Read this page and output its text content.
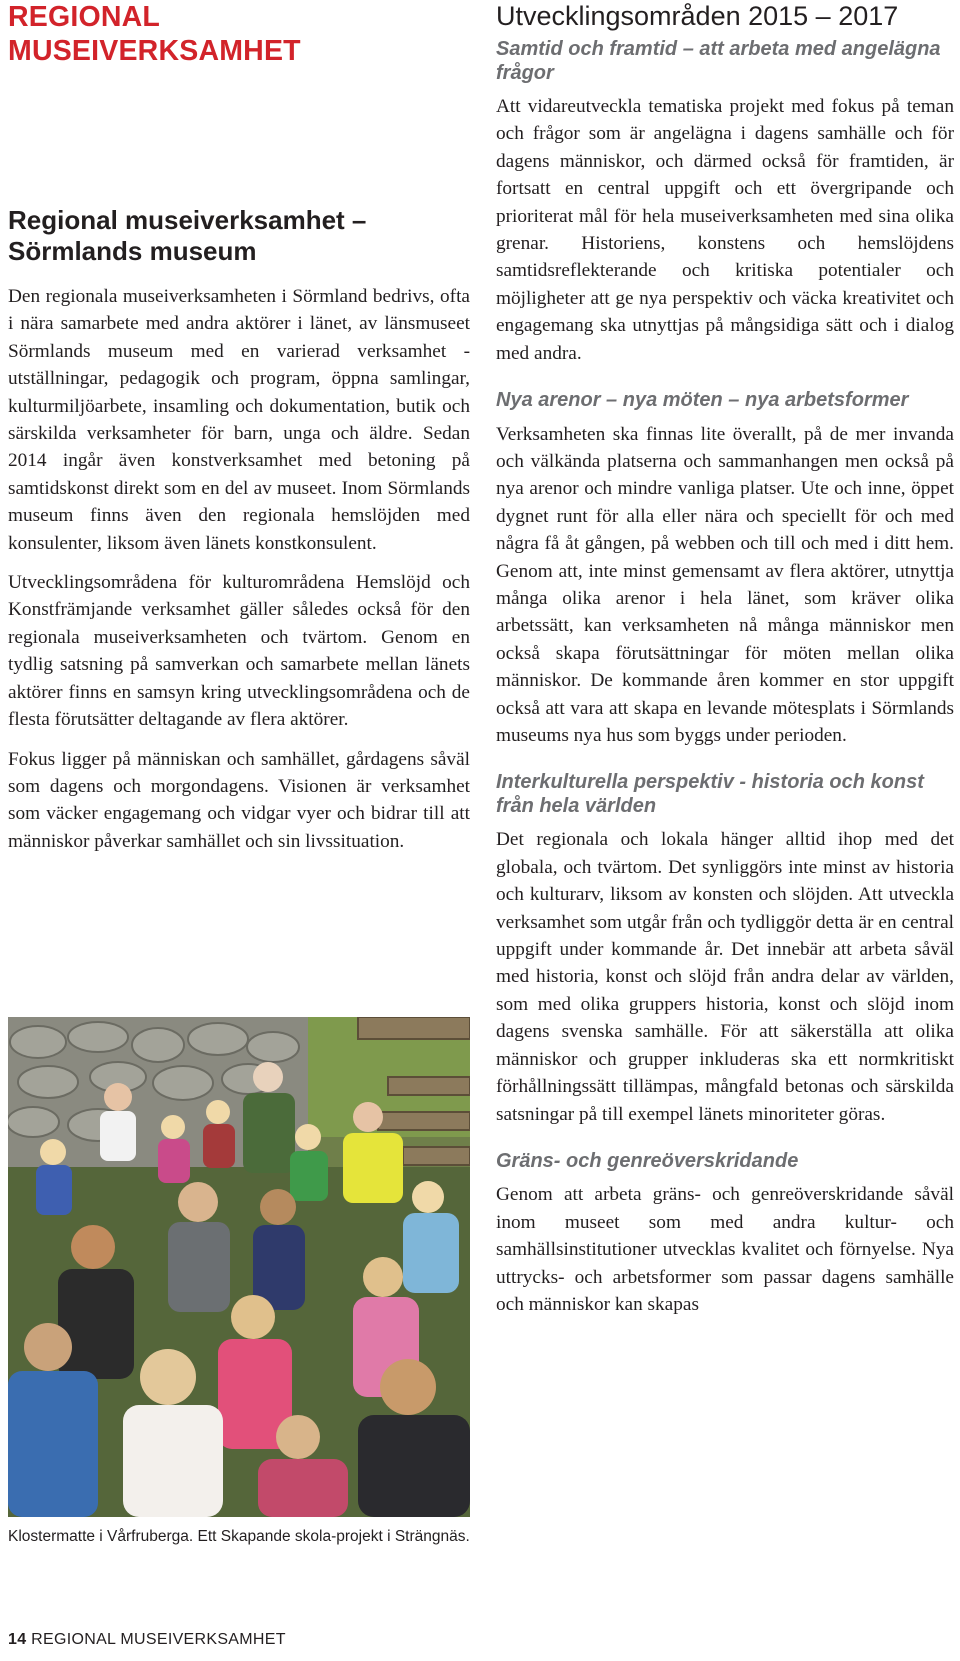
REGIONAL MUSEIVERKSAMHET
Regional museiverksamhet – Sörmlands museum

Den regionala museiverksamheten i Sörmland bedrivs, ofta i nära samarbete med andra aktörer i länet, av länsmuseet Sörmlands museum med en varierad verksamhet - utställningar, pedagogik och program, öppna samlingar, kulturmiljöarbete, insamling och dokumentation, butik och särskilda verksamheter för barn, unga och äldre. Sedan 2014 ingår även konstverksamhet med betoning på samtidskonst direkt som en del av museet. Inom Sörmlands museum finns även den regionala hemslöjden med konsulenter, liksom även länets konstkonsulent.

Utvecklingsområdena för kulturområdena Hemslöjd och Konstfrämjande verksamhet gäller således också för den regionala museiverksamheten och tvärtom. Genom en tydlig satsning på samverkan och samarbete mellan länets aktörer finns en samsyn kring utvecklingsområdena och de flesta förutsätter deltagande av flera aktörer.

Fokus ligger på människan och samhället, gårdagens såväl som dagens och morgondagens. Visionen är verksamhet som väcker engagemang och vidgar vyer och bidrar till att människor påverkar samhället och sin livssituation.

Klostermatte i Vårfruberga. Ett Skapande skola-projekt i Strängnäs.

Utvecklingsområden 2015 – 2017
Samtid och framtid – att arbeta med angelägna frågor

Att vidareutveckla tematiska projekt med fokus på teman och frågor som är angelägna i dagens samhälle och för dagens människor, och därmed också för framtiden, är fortsatt en central uppgift och ett övergripande och prioriterat mål för hela museiverksamheten med sina olika grenar. Historiens, konstens och hemslöjdens samtidsreflekterande och kritiska potentialer och möjligheter att ge nya perspektiv och väcka kreativitet och engagemang ska utnyttjas på mångsidiga sätt och i dialog med andra.

Nya arenor – nya möten – nya arbetsformer

Verksamheten ska finnas lite överallt, på de mer invanda och välkända platserna och sammanhangen men också på nya arenor och mindre vanliga platser. Ute och inne, öppet dygnet runt för alla eller nära och speciellt för och med några få åt gången, på webben och till och med i ditt hem. Genom att, inte minst gemensamt av flera aktörer, utnyttja många olika arenor i hela länet, som kräver olika arbetssätt, kan verksamheten nå många människor men också skapa förutsättningar för möten mellan olika människor. De kommande åren kommer en stor uppgift också att vara att skapa en levande mötesplats i Sörmlands museums nya hus som byggs under perioden.

Interkulturella perspektiv - historia och konst från hela världen

Det regionala och lokala hänger alltid ihop med det globala, och tvärtom. Det synliggörs inte minst av historia och kulturarv, liksom av konsten och slöjden. Att utveckla verksamhet som utgår från och tydliggör detta är en central uppgift under kommande år. Det innebär att arbeta såväl med historia, konst och slöjd från andra delar av världen, som med olika gruppers historia, konst och slöjd inom dagens svenska samhälle. För att säkerställa att olika människor och grupper inkluderas ska ett normkritiskt förhållningssätt tillämpas, mångfald betonas och särskilda satsningar på till exempel länets minoriteter göras.

Gräns- och genreöverskridande

Genom att arbeta gräns- och genreöverskridande såväl inom museet som med andra kultur- och samhällsinstitutioner utvecklas kvalitet och förnyelse. Nya uttrycks- och arbetsformer som passar dagens samhälle och människor kan skapas

14 REGIONAL MUSEIVERKSAMHET
